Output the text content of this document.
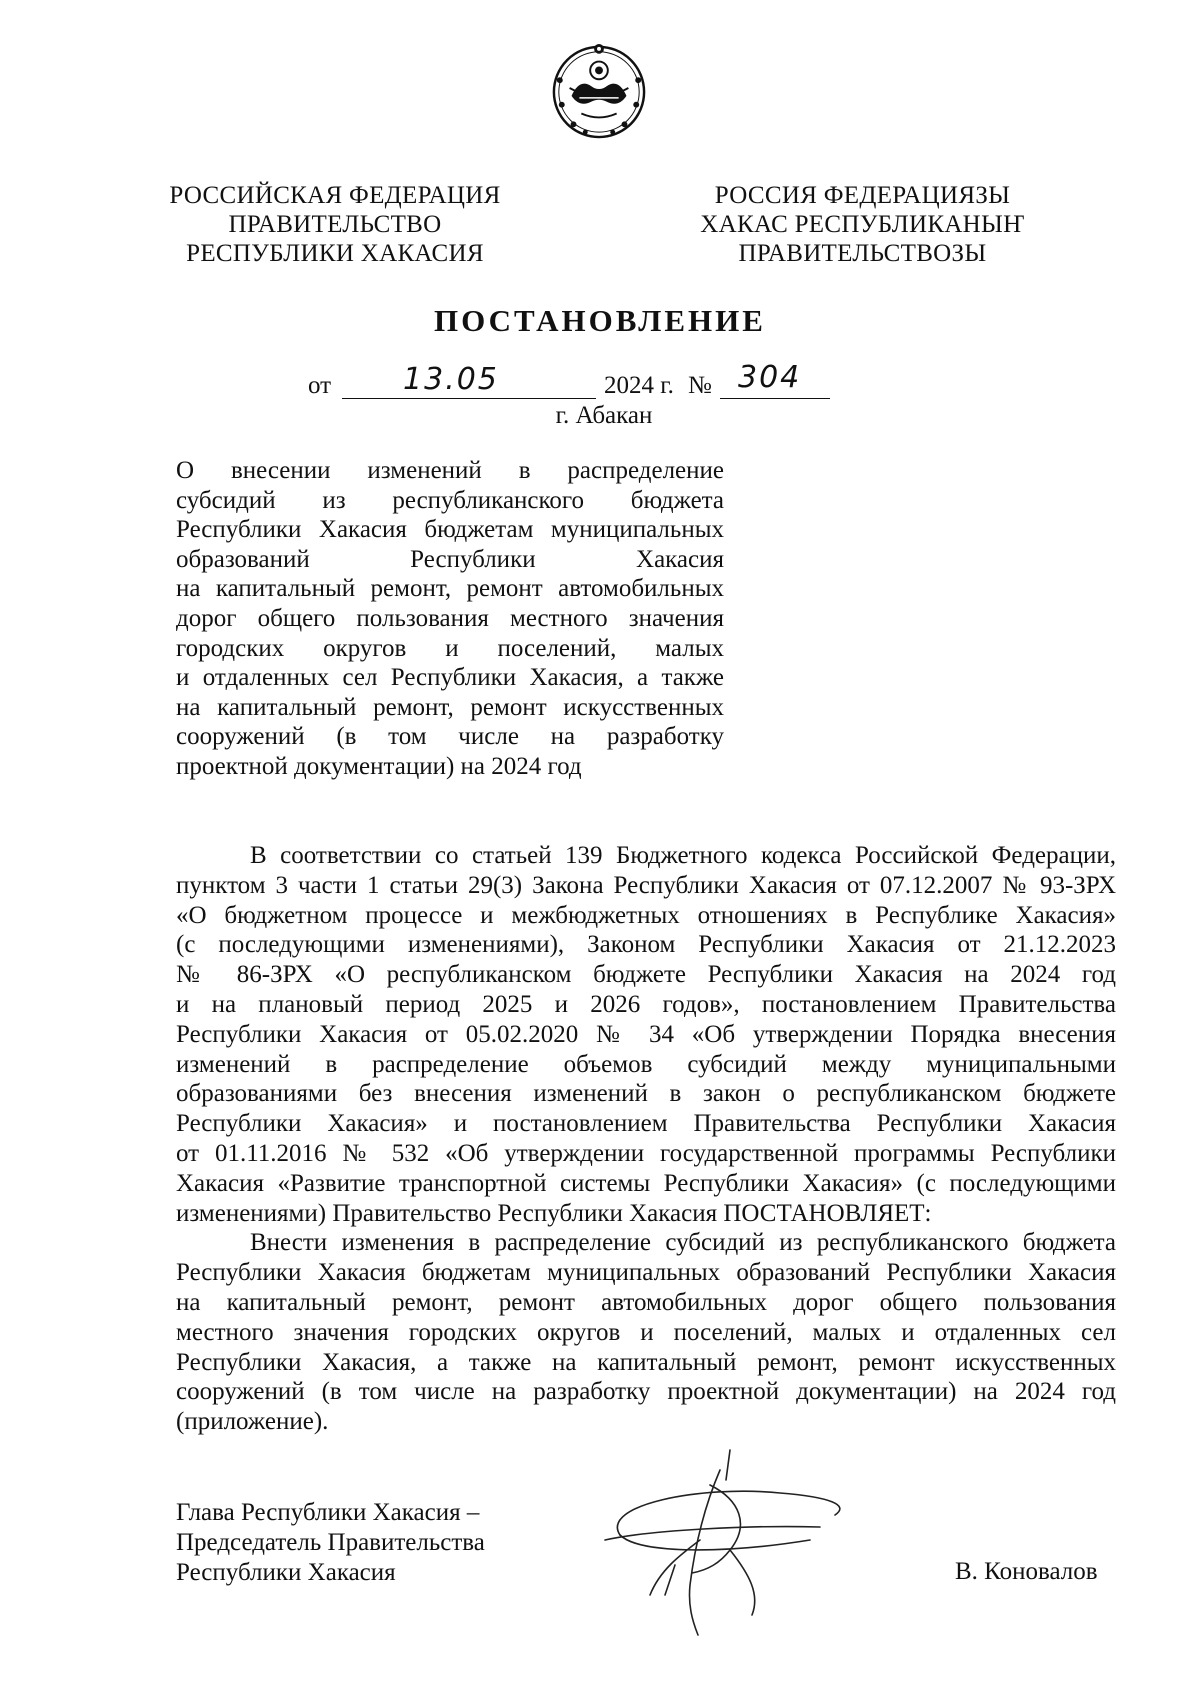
РОССИЙСКАЯ ФЕДЕРАЦИЯ
ПРАВИТЕЛЬСТВО
РЕСПУБЛИКИ ХАКАСИЯ
РОССИЯ ФЕДЕРАЦИЯЗЫ
ХАКАС РЕСПУБЛИКАНЫҤ
ПРАВИТЕЛЬСТВОЗЫ
ПОСТАНОВЛЕНИЕ
от 13.05	2024 г. № 304
г. Абакан
О внесении изменений в распределение
субсидий из республиканского бюджета
Республики Хакасия бюджетам муниципальных
образований Республики Хакасия
на капитальный ремонт, ремонт автомобильных
дорог общего пользования местного значения
городских округов и поселений, малых
и отдаленных сел Республики Хакасия, а также
на капитальный ремонт, ремонт искусственных
сооружений (в том числе на разработку
проектной документации) на 2024 год
В соответствии со статьей 139 Бюджетного кодекса Российской Федерации,
пунктом 3 части 1 статьи 29(3) Закона Республики Хакасия от 07.12.2007 № 93-ЗРХ
«О бюджетном процессе и межбюджетных отношениях в Республике Хакасия»
(с последующими изменениями), Законом Республики Хакасия от 21.12.2023
№ 86-ЗРХ «О республиканском бюджете Республики Хакасия на 2024 год
и на плановый период 2025 и 2026 годов», постановлением Правительства
Республики Хакасия от 05.02.2020 № 34 «Об утверждении Порядка внесения
изменений в распределение объемов субсидий между муниципальными
образованиями без внесения изменений в закон о республиканском бюджете
Республики Хакасия» и постановлением Правительства Республики Хакасия
от 01.11.2016 № 532 «Об утверждении государственной программы Республики
Хакасия «Развитие транспортной системы Республики Хакасия» (с последующими
изменениями) Правительство Республики Хакасия ПОСТАНОВЛЯЕТ:
Внести изменения в распределение субсидий из республиканского бюджета
Республики Хакасия бюджетам муниципальных образований Республики Хакасия
на капитальный ремонт, ремонт автомобильных дорог общего пользования
местного значения городских округов и поселений, малых и отдаленных сел
Республики Хакасия, а также на капитальный ремонт, ремонт искусственных
сооружений (в том числе на разработку проектной документации) на 2024 год
(приложение).
Глава Республики Хакасия –
Председатель Правительства
Республики Хакасия	В. Коновалов
